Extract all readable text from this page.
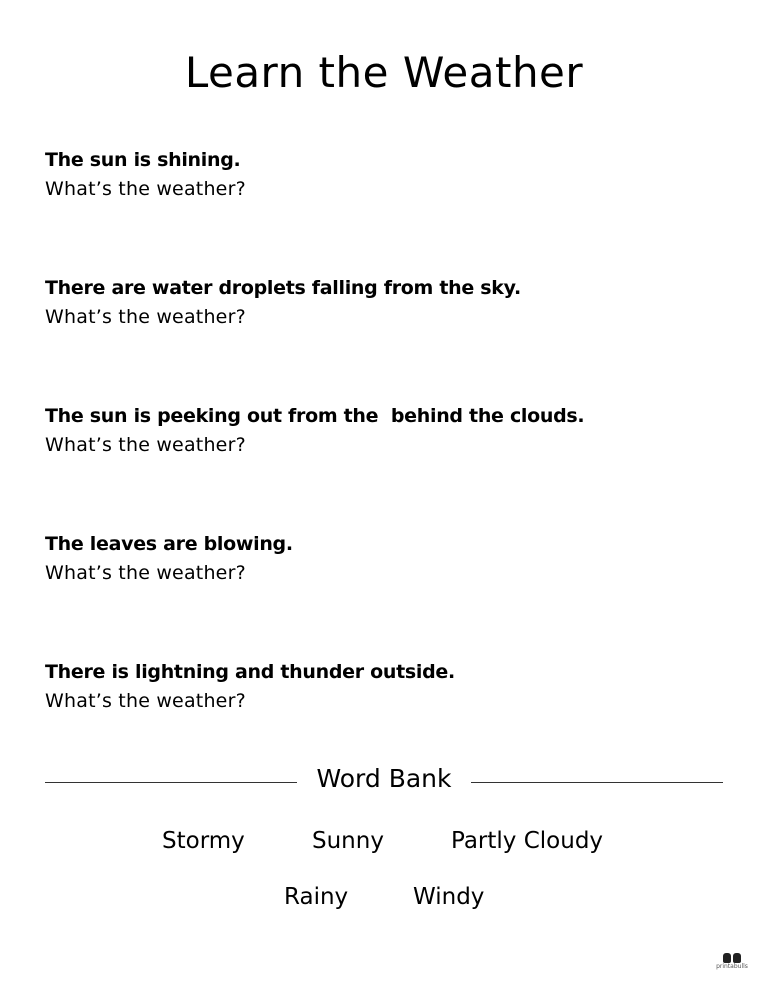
Learn the Weather
The sun is shining.
What’s the weather?
There are water droplets falling from the sky.
What’s the weather?
The sun is peeking out from the  behind the clouds.
What’s the weather?
The leaves are blowing.
What’s the weather?
There is lightning and thunder outside.
What’s the weather?
Word Bank
Stormy	Sunny	Partly Cloudy
Rainy	Windy
printabulls
